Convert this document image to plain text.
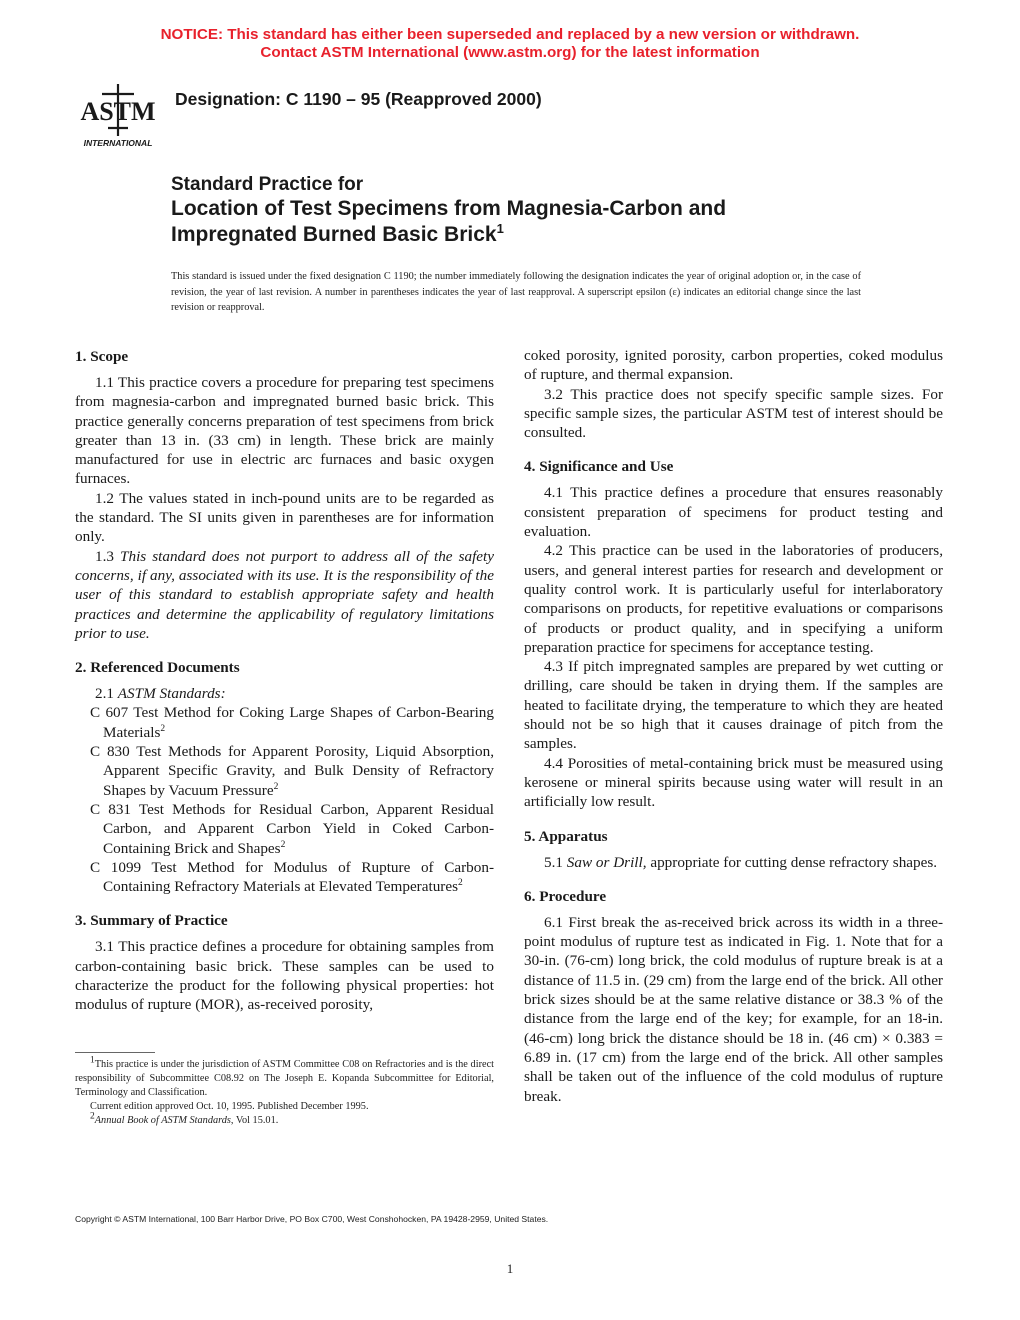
NOTICE: This standard has either been superseded and replaced by a new version or withdrawn.
Contact ASTM International (www.astm.org) for the latest information
ASTM
INTERNATIONAL
Designation: C 1190 – 95 (Reapproved 2000)
Standard Practice for
Location of Test Specimens from Magnesia-Carbon and
Impregnated Burned Basic Brick$^1$
This standard is issued under the fixed designation C 1190; the number immediately following the designation indicates the year of original adoption or, in the case of revision, the year of last revision. A number in parentheses indicates the year of last reapproval. A superscript epsilon (ε) indicates an editorial change since the last revision or reapproval.
1. Scope

1.1 This practice covers a procedure for preparing test specimens from magnesia-carbon and impregnated burned basic brick. This practice generally concerns preparation of test specimens from brick greater than 13 in. (33 cm) in length. These brick are mainly manufactured for use in electric arc furnaces and basic oxygen furnaces.

1.2 The values stated in inch-pound units are to be regarded as the standard. The SI units given in parentheses are for information only.

1.3 This standard does not purport to address all of the safety concerns, if any, associated with its use. It is the responsibility of the user of this standard to establish appropriate safety and health practices and determine the applicability of regulatory limitations prior to use.

2. Referenced Documents

2.1 ASTM Standards:

C 607 Test Method for Coking Large Shapes of Carbon-Bearing Materials$^2$

C 830 Test Methods for Apparent Porosity, Liquid Absorption, Apparent Specific Gravity, and Bulk Density of Refractory Shapes by Vacuum Pressure$^2$

C 831 Test Methods for Residual Carbon, Apparent Residual Carbon, and Apparent Carbon Yield in Coked Carbon-Containing Brick and Shapes$^2$

C 1099 Test Method for Modulus of Rupture of Carbon-Containing Refractory Materials at Elevated Temperatures$^2$

3. Summary of Practice

3.1 This practice defines a procedure for obtaining samples from carbon-containing basic brick. These samples can be used to characterize the product for the following physical properties: hot modulus of rupture (MOR), as-received porosity,

$^1$This practice is under the jurisdiction of ASTM Committee C08 on Refractories and is the direct responsibility of Subcommittee C08.92 on The Joseph E. Kopanda Subcommittee for Editorial, Terminology and Classification.

Current edition approved Oct. 10, 1995. Published December 1995.

$^2$Annual Book of ASTM Standards, Vol 15.01.

coked porosity, ignited porosity, carbon properties, coked modulus of rupture, and thermal expansion.

3.2 This practice does not specify specific sample sizes. For specific sample sizes, the particular ASTM test of interest should be consulted.

4. Significance and Use

4.1 This practice defines a procedure that ensures reasonably consistent preparation of specimens for product testing and evaluation.

4.2 This practice can be used in the laboratories of producers, users, and general interest parties for research and development or quality control work. It is particularly useful for interlaboratory comparisons on products, for repetitive evaluations or comparisons of products or product quality, and in specifying a uniform preparation practice for specimens for acceptance testing.

4.3 If pitch impregnated samples are prepared by wet cutting or drilling, care should be taken in drying them. If the samples are heated to facilitate drying, the temperature to which they are heated should not be so high that it causes drainage of pitch from the samples.

4.4 Porosities of metal-containing brick must be measured using kerosene or mineral spirits because using water will result in an artificially low result.

5. Apparatus

5.1 Saw or Drill, appropriate for cutting dense refractory shapes.

6. Procedure

6.1 First break the as-received brick across its width in a three-point modulus of rupture test as indicated in Fig. 1. Note that for a 30-in. (76-cm) long brick, the cold modulus of rupture break is at a distance of 11.5 in. (29 cm) from the large end of the brick. All other brick sizes should be at the same relative distance or 38.3 % of the distance from the large end of the key; for example, for an 18-in. (46-cm) long brick the distance should be 18 in. (46 cm) × 0.383 = 6.89 in. (17 cm) from the large end of the brick. All other samples shall be taken out of the influence of the cold modulus of rupture break.

Copyright © ASTM International, 100 Barr Harbor Drive, PO Box C700, West Conshohocken, PA 19428-2959, United States.
1
